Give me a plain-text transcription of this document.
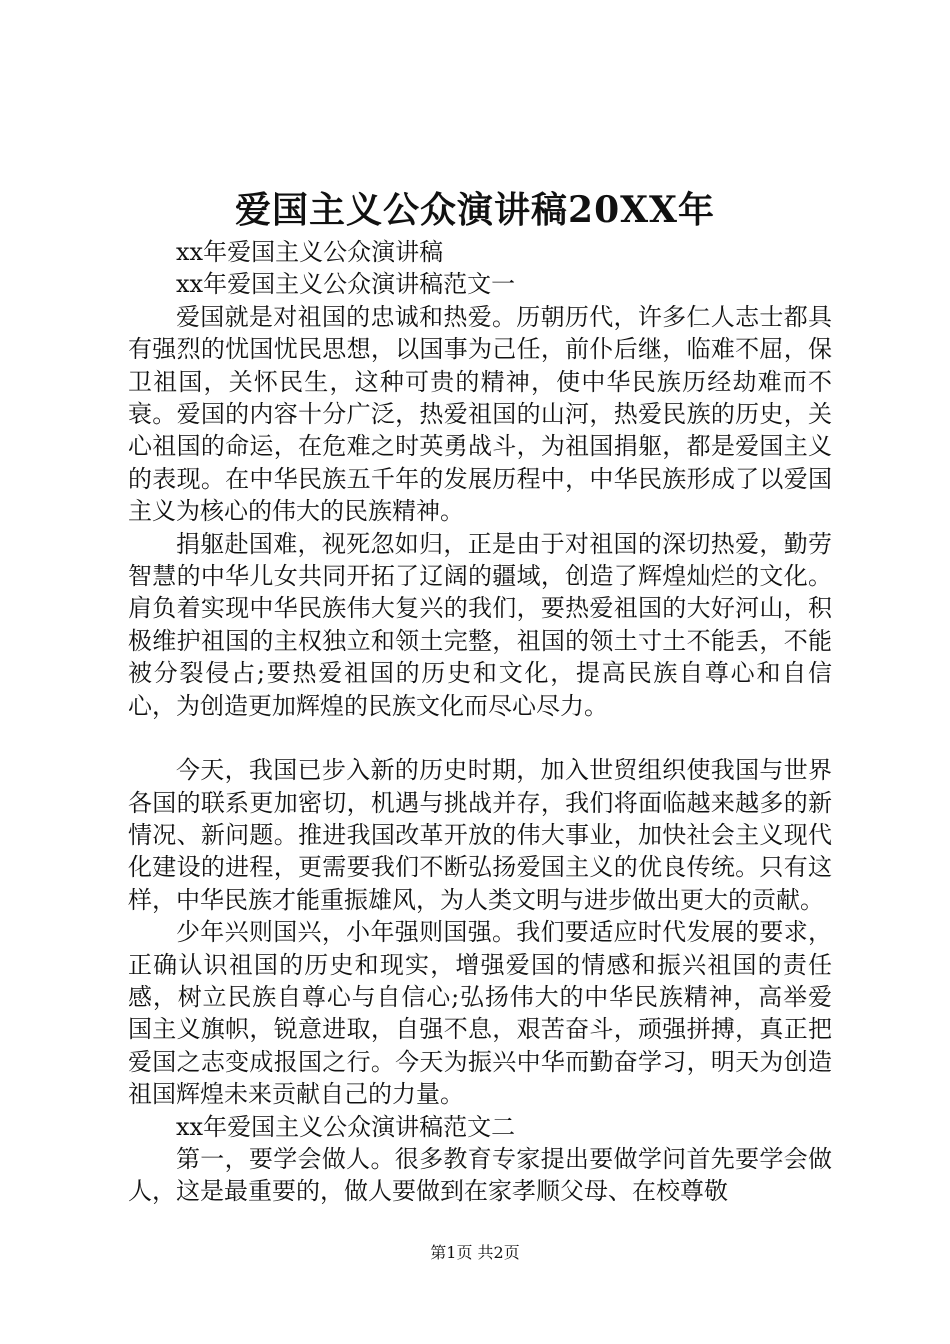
爱国主义公众演讲稿20XX年

xx年爱国主义公众演讲稿

xx年爱国主义公众演讲稿范文一

爱国就是对祖国的忠诚和热爱。历朝历代，许多仁人志士都具有强烈的忧国忧民思想，以国事为己任，前仆后继，临难不屈，保卫祖国，关怀民生，这种可贵的精神，使中华民族历经劫难而不衰。爱国的内容十分广泛，热爱祖国的山河，热爱民族的历史，关心祖国的命运，在危难之时英勇战斗，为祖国捐躯，都是爱国主义的表现。在中华民族五千年的发展历程中，中华民族形成了以爱国主义为核心的伟大的民族精神。

捐躯赴国难，视死忽如归，正是由于对祖国的深切热爱，勤劳智慧的中华儿女共同开拓了辽阔的疆域，创造了辉煌灿烂的文化。肩负着实现中华民族伟大复兴的我们，要热爱祖国的大好河山，积极维护祖国的主权独立和领土完整，祖国的领土寸土不能丢，不能被分裂侵占;要热爱祖国的历史和文化，提高民族自尊心和自信心，为创造更加辉煌的民族文化而尽心尽力。

今天，我国已步入新的历史时期，加入世贸组织使我国与世界各国的联系更加密切，机遇与挑战并存，我们将面临越来越多的新情况、新问题。推进我国改革开放的伟大事业，加快社会主义现代化建设的进程，更需要我们不断弘扬爱国主义的优良传统。只有这样，中华民族才能重振雄风，为人类文明与进步做出更大的贡献。

少年兴则国兴，小年强则国强。我们要适应时代发展的要求，正确认识祖国的历史和现实，增强爱国的情感和振兴祖国的责任感，树立民族自尊心与自信心;弘扬伟大的中华民族精神，高举爱国主义旗帜，锐意进取，自强不息，艰苦奋斗，顽强拼搏，真正把爱国之志变成报国之行。今天为振兴中华而勤奋学习，明天为创造祖国辉煌未来贡献自己的力量。

xx年爱国主义公众演讲稿范文二

第一，要学会做人。很多教育专家提出要做学问首先要学会做人，这是最重要的，做人要做到在家孝顺父母、在校尊敬

第1页 共2页
